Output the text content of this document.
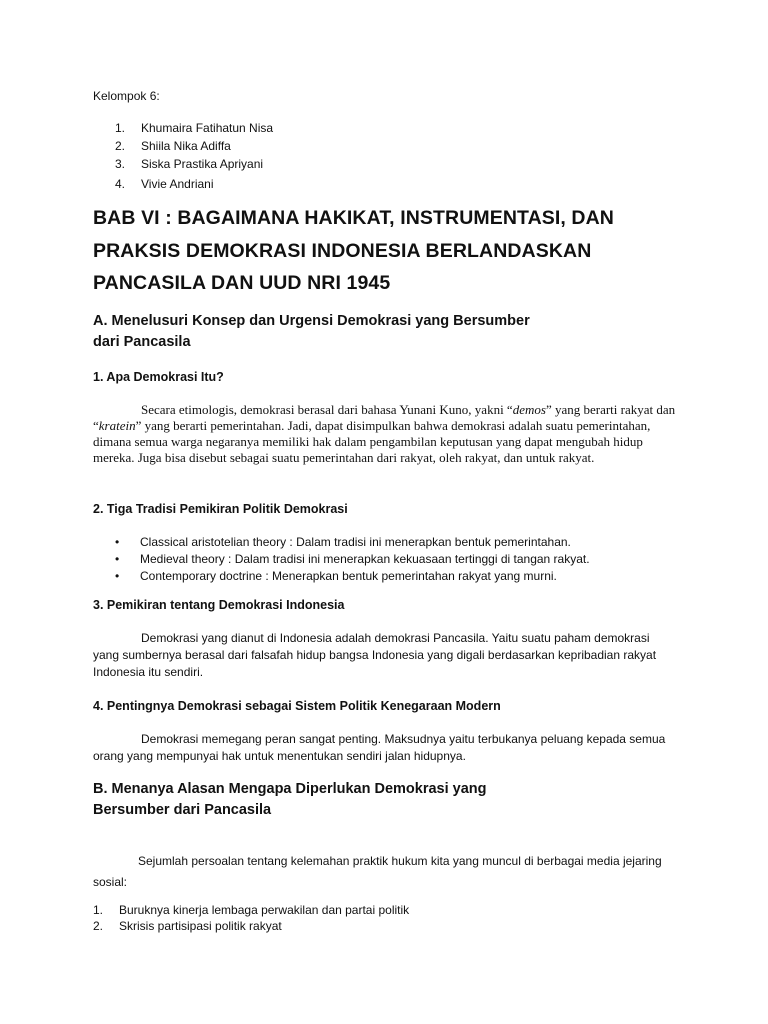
Kelompok 6:
1. Khumaira Fatihatun Nisa
2. Shiila Nika Adiffa
3. Siska Prastika Apriyani
4. Vivie Andriani
BAB VI : BAGAIMANA HAKIKAT, INSTRUMENTASI, DAN
PRAKSIS DEMOKRASI INDONESIA BERLANDASKAN
PANCASILA DAN UUD NRI 1945
A. Menelusuri Konsep dan Urgensi Demokrasi yang Bersumber
dari Pancasila
1. Apa Demokrasi Itu?
Secara etimologis, demokrasi berasal dari bahasa Yunani Kuno, yakni “demos” yang berarti rakyat dan “kratein” yang berarti pemerintahan. Jadi, dapat disimpulkan bahwa demokrasi adalah suatu pemerintahan, dimana semua warga negaranya memiliki hak dalam pengambilan keputusan yang dapat mengubah hidup mereka. Juga bisa disebut sebagai suatu pemerintahan dari rakyat, oleh rakyat, dan untuk rakyat.
2. Tiga Tradisi Pemikiran Politik Demokrasi
• Classical aristotelian theory : Dalam tradisi ini menerapkan bentuk pemerintahan.
• Medieval theory : Dalam tradisi ini menerapkan kekuasaan tertinggi di tangan rakyat.
• Contemporary doctrine : Menerapkan bentuk pemerintahan rakyat yang murni.
3. Pemikiran tentang Demokrasi Indonesia
Demokrasi yang dianut di Indonesia adalah demokrasi Pancasila. Yaitu suatu paham demokrasi yang sumbernya berasal dari falsafah hidup bangsa Indonesia yang digali berdasarkan kepribadian rakyat Indonesia itu sendiri.
4. Pentingnya Demokrasi sebagai Sistem Politik Kenegaraan Modern
Demokrasi memegang peran sangat penting. Maksudnya yaitu terbukanya peluang kepada semua orang yang mempunyai hak untuk menentukan sendiri jalan hidupnya.
B. Menanya Alasan Mengapa Diperlukan Demokrasi yang
Bersumber dari Pancasila
Sejumlah persoalan tentang kelemahan praktik hukum kita yang muncul di berbagai media jejaring sosial:
1. Buruknya kinerja lembaga perwakilan dan partai politik
2. Skrisis partisipasi politik rakyat
